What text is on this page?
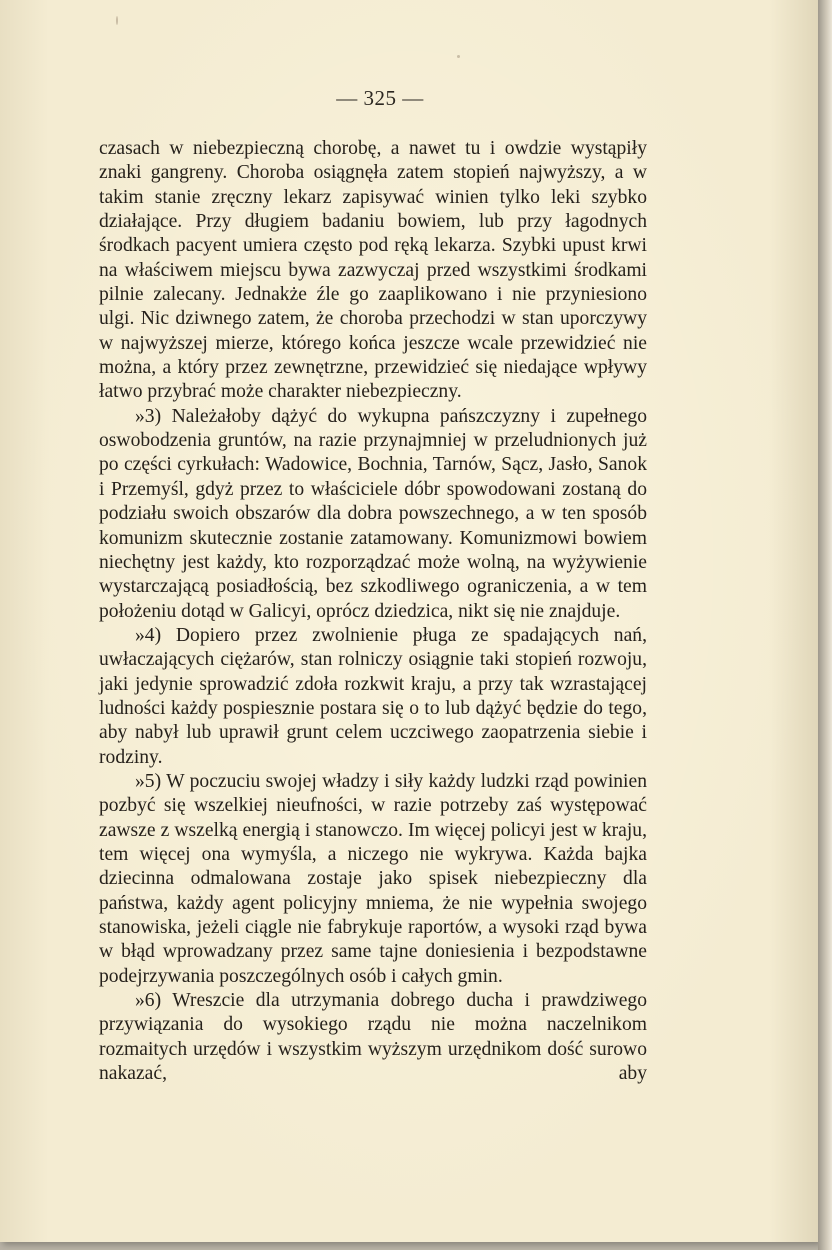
— 325 —

czasach w niebezpieczną chorobę, a nawet tu i owdzie wystąpiły znaki gangreny. Choroba osiągnęła zatem stopień najwyższy, a w takim stanie zręczny lekarz zapisywać winien tylko leki szybko działające. Przy długiem badaniu bowiem, lub przy łagodnych środkach pacyent umiera często pod ręką lekarza. Szybki upust krwi na właściwem miejscu bywa zazwyczaj przed wszystkimi środkami pilnie zalecany. Jednakże źle go zaaplikowano i nie przyniesiono ulgi. Nic dziwnego zatem, że choroba przechodzi w stan uporczywy w najwyższej mierze, którego końca jeszcze wcale przewidzieć nie można, a który przez zewnętrzne, przewidzieć się niedające wpływy łatwo przybrać może charakter niebezpieczny.

»3) Należałoby dążyć do wykupna pańszczyzny i zupełnego oswobodzenia gruntów, na razie przynajmniej w przeludnionych już po części cyrkułach: Wadowice, Bochnia, Tarnów, Sącz, Jasło, Sanok i Przemyśl, gdyż przez to właściciele dóbr spowodowani zostaną do podziału swoich obszarów dla dobra powszechnego, a w ten sposób komunizm skutecznie zostanie zatamowany. Komunizmowi bowiem niechętny jest każdy, kto rozporządzać może wolną, na wyżywienie wystarczającą posiadłością, bez szkodliwego ograniczenia, a w tem położeniu dotąd w Galicyi, oprócz dziedzica, nikt się nie znajduje.

»4) Dopiero przez zwolnienie pługa ze spadających nań, uwłaczających ciężarów, stan rolniczy osiągnie taki stopień rozwoju, jaki jedynie sprowadzić zdoła rozkwit kraju, a przy tak wzrastającej ludności każdy pospiesznie postara się o to lub dążyć będzie do tego, aby nabył lub uprawił grunt celem uczciwego zaopatrzenia siebie i rodziny.

»5) W poczuciu swojej władzy i siły każdy ludzki rząd powinien pozbyć się wszelkiej nieufności, w razie potrzeby zaś występować zawsze z wszelką energią i stanowczo. Im więcej policyi jest w kraju, tem więcej ona wymyśla, a niczego nie wykrywa. Każda bajka dziecinna odmalowana zostaje jako spisek niebezpieczny dla państwa, każdy agent policyjny mniema, że nie wypełnia swojego stanowiska, jeżeli ciągle nie fabrykuje raportów, a wysoki rząd bywa w błąd wprowadzany przez same tajne doniesienia i bezpodstawne podejrzywania poszczególnych osób i całych gmin.

»6) Wreszcie dla utrzymania dobrego ducha i prawdziwego przywiązania do wysokiego rządu nie można naczelnikom rozmaitych urzędów i wszystkim wyższym urzędnikom dość surowo nakazać, aby
